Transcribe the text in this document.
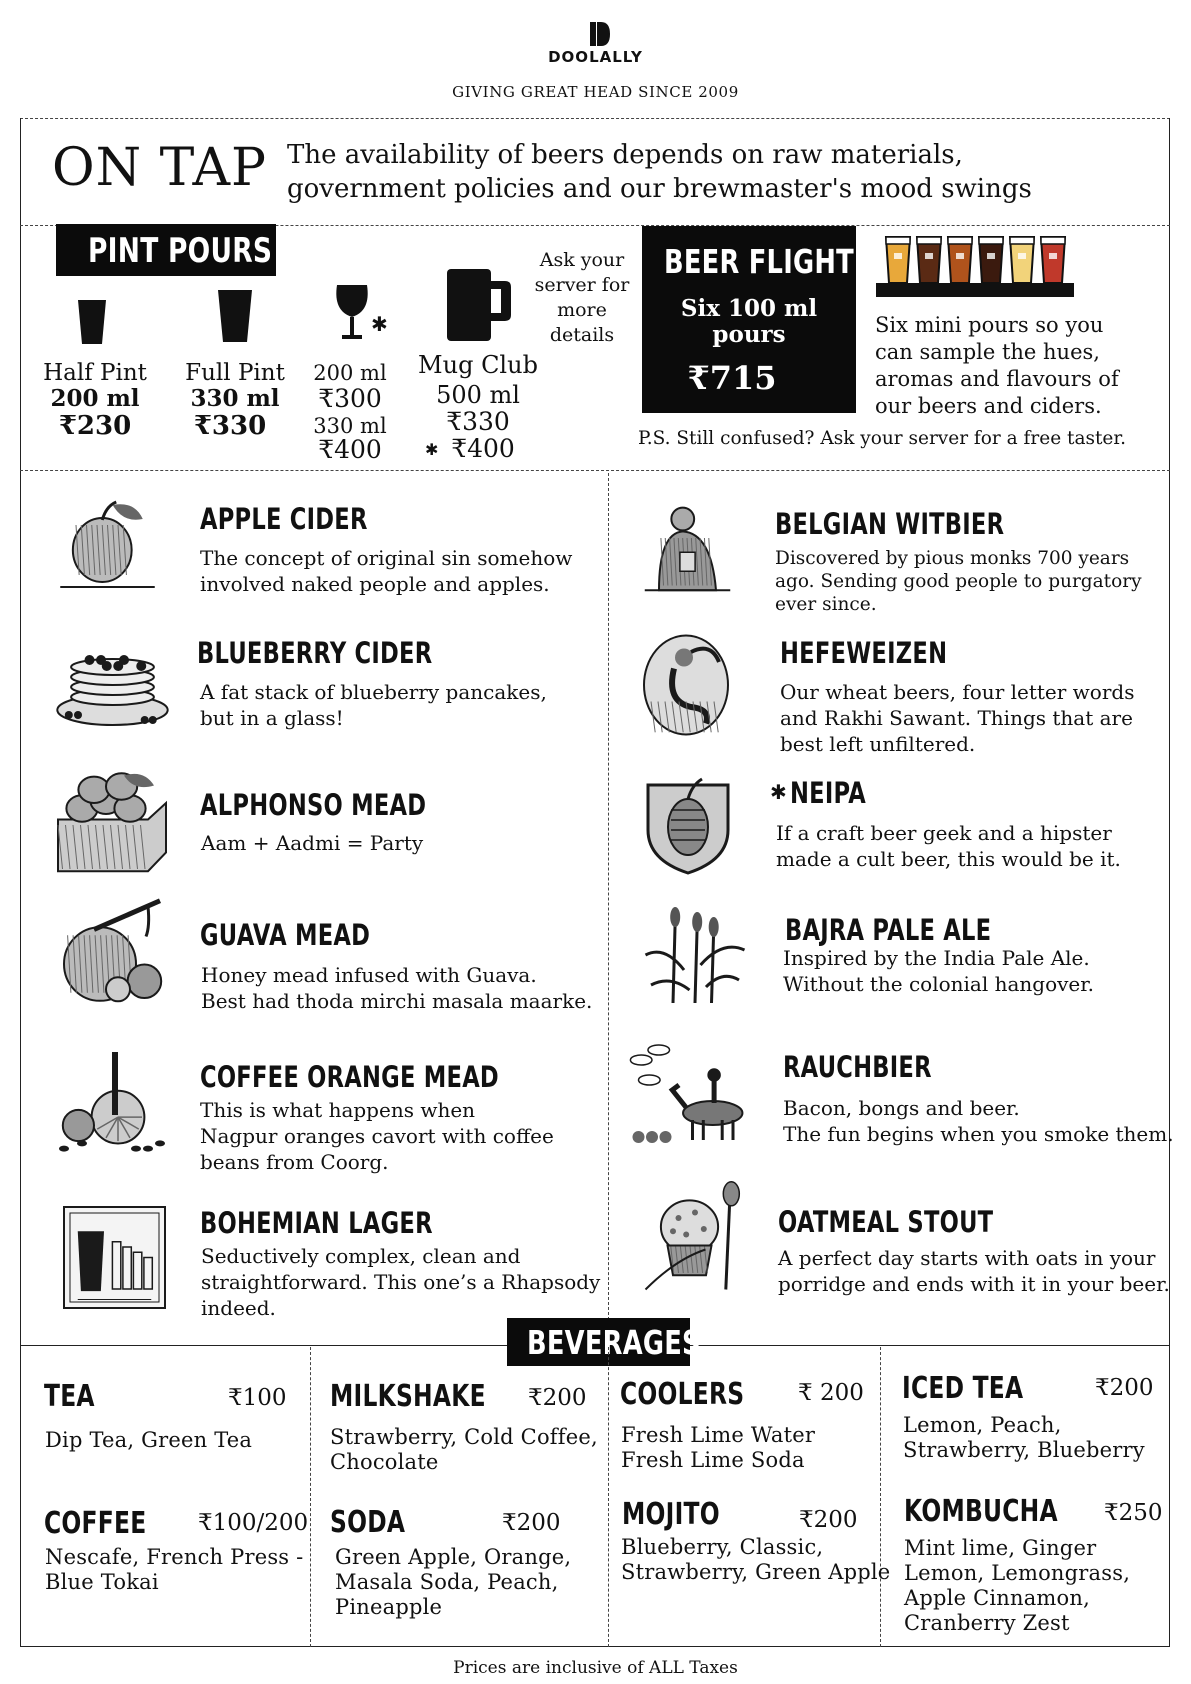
DOOLALLY
GIVING GREAT HEAD SINCE 2009
ON TAP The availability of beers depends on raw materials, government policies and our brewmaster's mood swings
PINT POURS
Half Pint
200 ml
₹230
Full Pint
330 ml
₹330
✱
200 ml
₹300
330 ml
₹400
Mug Club
500 ml
₹330
✱ ₹400
Ask your server for more details
BEER FLIGHT
Six 100 ml pours
₹715
Six mini pours so you can sample the hues, aromas and flavours of our beers and ciders.
P.S. Still confused? Ask your server for a free taster.
APPLE CIDER
The concept of original sin somehow
involved naked people and apples.
BLUEBERRY CIDER
A fat stack of blueberry pancakes,
but in a glass!
ALPHONSO MEAD
Aam + Aadmi = Party
GUAVA MEAD
Honey mead infused with Guava.
Best had thoda mirchi masala maarke.
COFFEE ORANGE MEAD
This is what happens when
Nagpur oranges cavort with coffee
beans from Coorg.
BOHEMIAN LAGER
Seductively complex, clean and
straightforward. This one’s a Rhapsody
indeed.
BELGIAN WITBIER
Discovered by pious monks 700 years
ago. Sending good people to purgatory
ever since.
HEFEWEIZEN
Our wheat beers, four letter words
and Rakhi Sawant. Things that are
best left unfiltered.
✱ NEIPA
If a craft beer geek and a hipster
made a cult beer, this would be it.
BAJRA PALE ALE
Inspired by the India Pale Ale.
Without the colonial hangover.
RAUCHBIER
Bacon, bongs and beer.
The fun begins when you smoke them.
OATMEAL STOUT
A perfect day starts with oats in your
porridge and ends with it in your beer.
BEVERAGES
TEA	₹100
Dip Tea, Green Tea
COFFEE	₹100/200
Nescafe, French Press -
Blue Tokai
MILKSHAKE	₹200
Strawberry, Cold Coffee,
Chocolate
SODA	₹200
Green Apple, Orange,
Masala Soda, Peach,
Pineapple
COOLERS	₹ 200
Fresh Lime Water
Fresh Lime Soda
MOJITO	₹200
Blueberry, Classic,
Strawberry, Green Apple
ICED TEA	₹200
Lemon, Peach,
Strawberry, Blueberry
KOMBUCHA	₹250
Mint lime, Ginger
Lemon, Lemongrass,
Apple Cinnamon,
Cranberry Zest
Prices are inclusive of ALL Taxes
